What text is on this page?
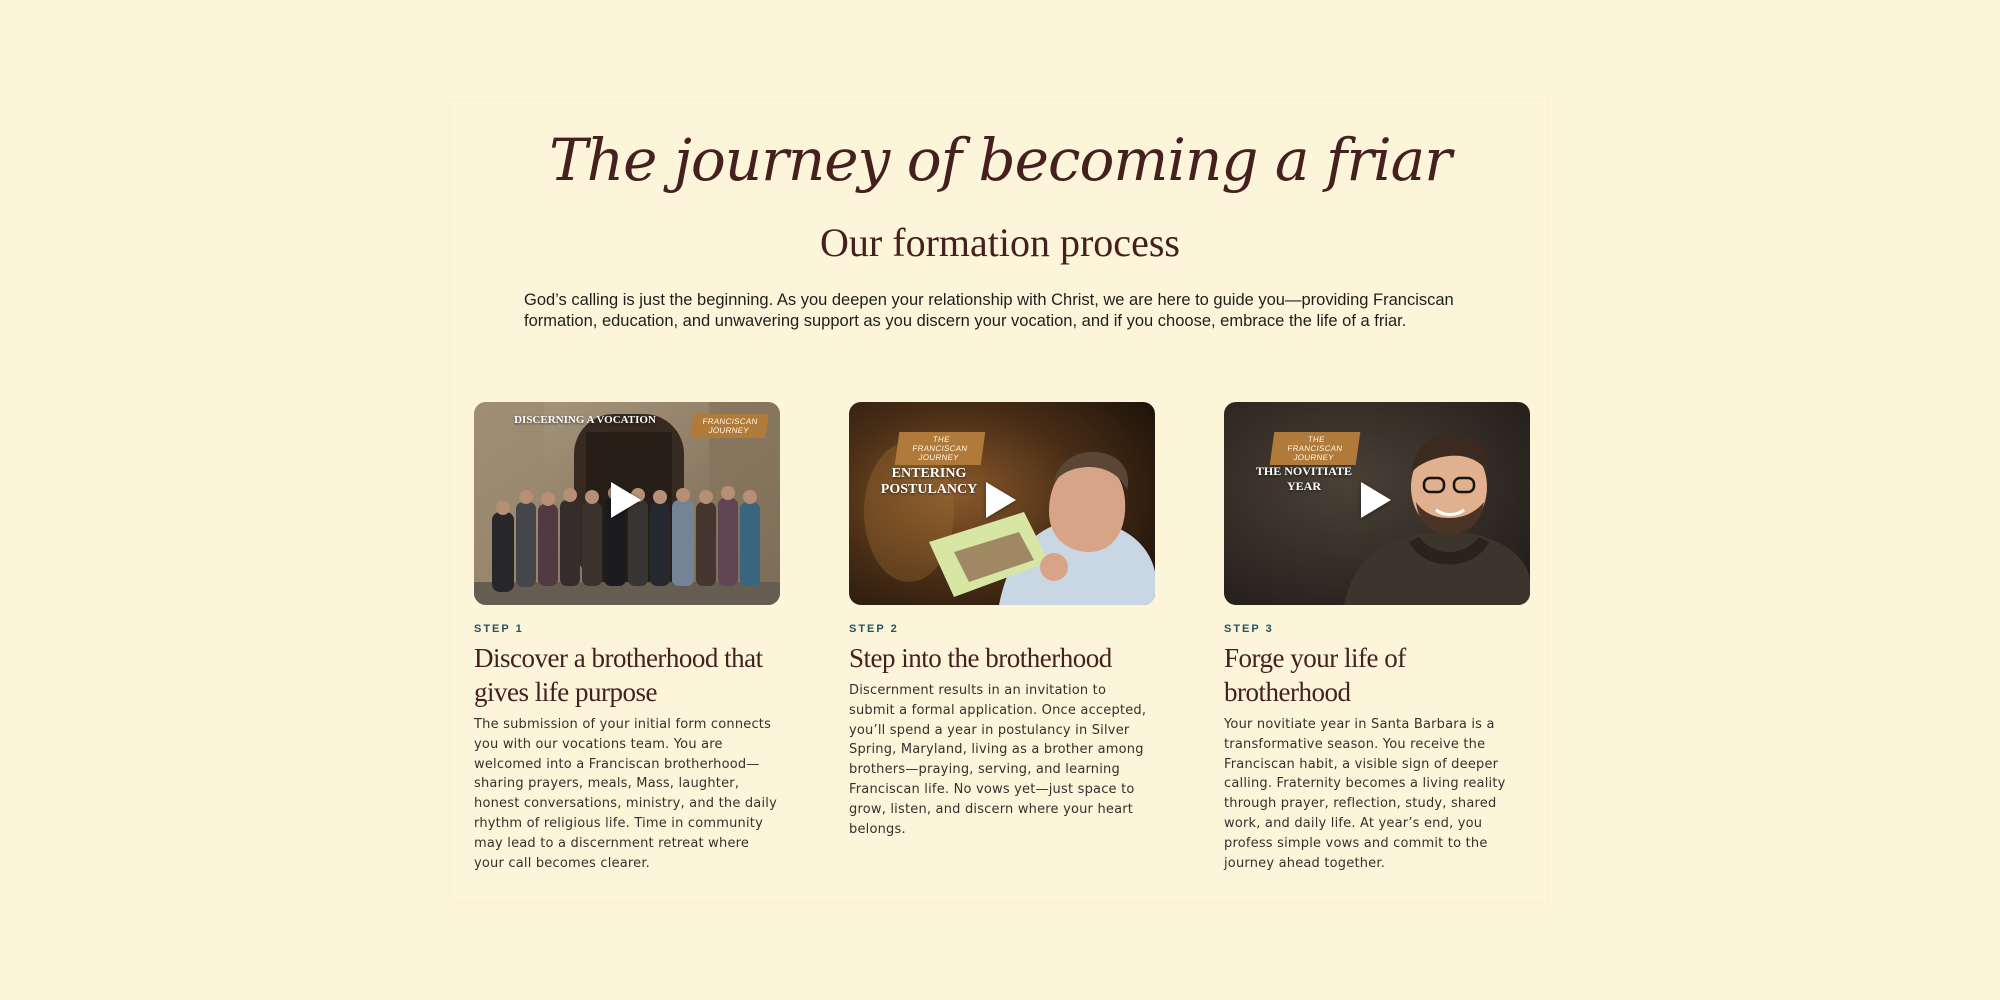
The journey of becoming a friar
Our formation process

God’s calling is just the beginning. As you deepen your relationship with Christ, we are here to guide you—providing Franciscan formation, education, and unwavering support as you discern your vocation, and if you choose, embrace the life of a friar.

DISCERNING A VOCATION	FRANCISCAN JOURNEY

STEP 1

Discover a brotherhood that gives life purpose

The submission of your initial form connects you with our vocations team. You are welcomed into a Franciscan brotherhood—sharing prayers, meals, Mass, laughter, honest conversations, ministry, and the daily rhythm of religious life. Time in community may lead to a discernment retreat where your call becomes clearer.

THE FRANCISCAN JOURNEY
ENTERING POSTULANCY

STEP 2

Step into the brotherhood

Discernment results in an invitation to submit a formal application. Once accepted, you’ll spend a year in postulancy in Silver Spring, Maryland, living as a brother among brothers—praying, serving, and learning Franciscan life. No vows yet—just space to grow, listen, and discern where your heart belongs.

THE FRANCISCAN JOURNEY
THE NOVITIATE YEAR

STEP 3

Forge your life of brotherhood

Your novitiate year in Santa Barbara is a transformative season. You receive the Franciscan habit, a visible sign of deeper calling. Fraternity becomes a living reality through prayer, reflection, study, shared work, and daily life. At year’s end, you profess simple vows and commit to the journey ahead together.
